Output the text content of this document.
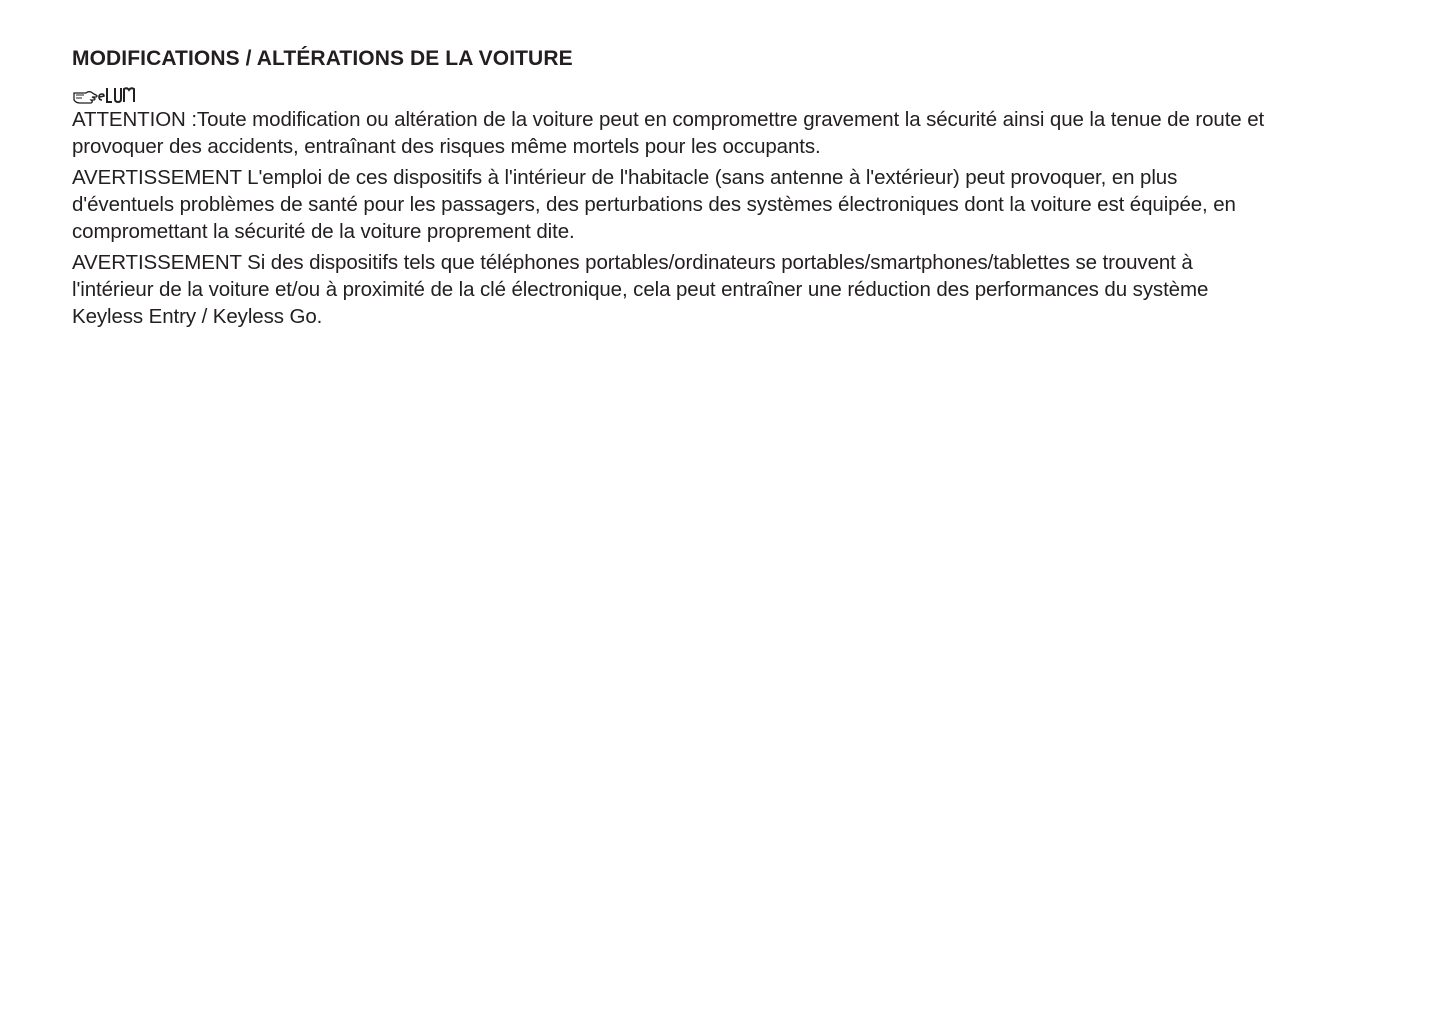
MODIFICATIONS / ALTÉRATIONS DE LA VOITURE

ATTENTION :Toute modification ou altération de la voiture peut en compromettre gravement la sécurité ainsi que la tenue de route et provoquer des accidents, entraînant des risques même mortels pour les occupants.

AVERTISSEMENT L'emploi de ces dispositifs à l'intérieur de l'habitacle (sans antenne à l'extérieur) peut provoquer, en plus d'éventuels problèmes de santé pour les passagers, des perturbations des systèmes électroniques dont la voiture est équipée, en compromettant la sécurité de la voiture proprement dite.

AVERTISSEMENT Si des dispositifs tels que téléphones portables/ordinateurs portables/smartphones/tablettes se trouvent à l'intérieur de la voiture et/ou à proximité de la clé électronique, cela peut entraîner une réduction des performances du système Keyless Entry / Keyless Go.
